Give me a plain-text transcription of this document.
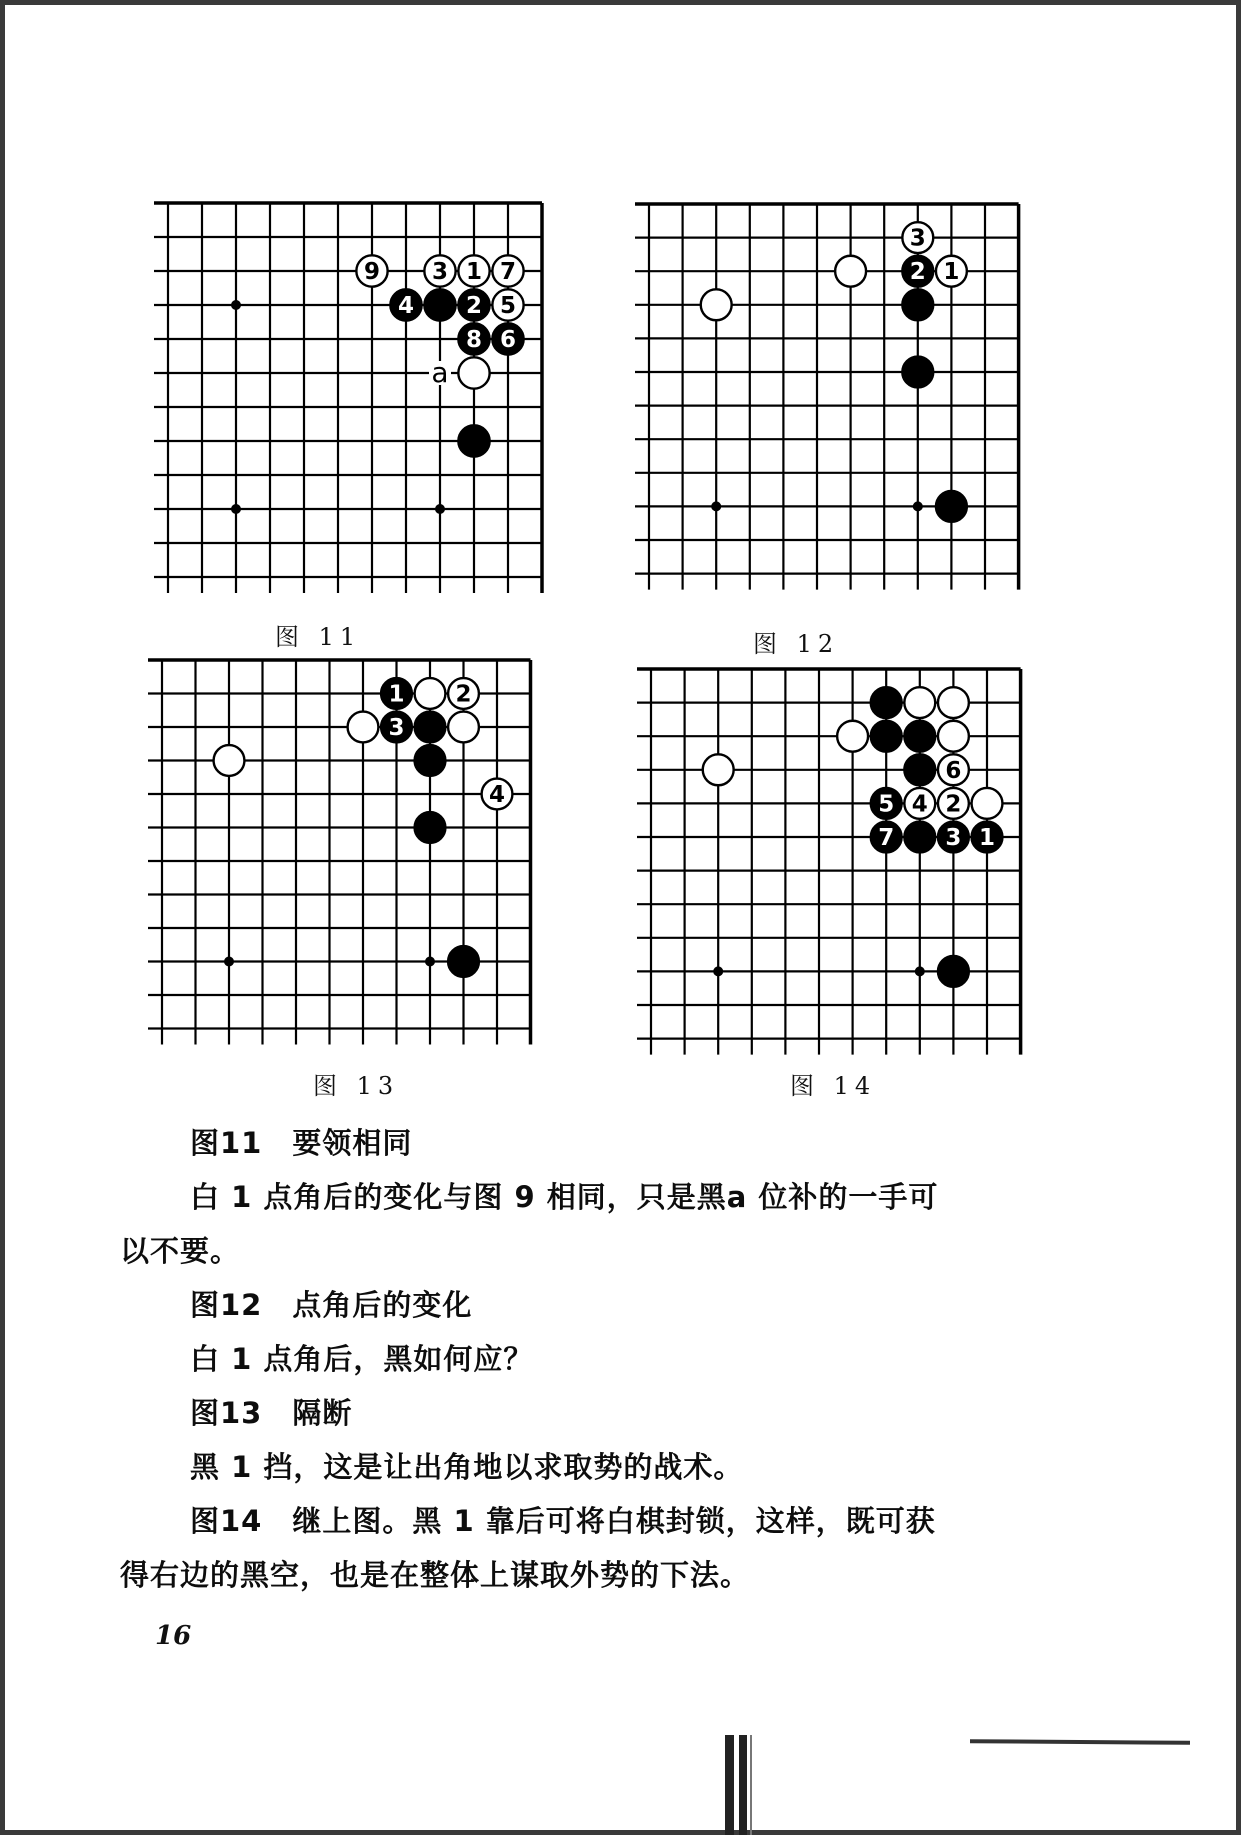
a
9 3 1 7
4 2 5
8 6
图 11
3
2 1
图 12
1 2
3
4
图 13
6
5 4 2
7 3 1
图 14
图11 要领相同
白 1 点角后的变化与图 9 相同，只是黑a 位补的一手可
以不要。
图12 点角后的变化
白 1 点角后，黑如何应？
图13 隔断
黑 1 挡，这是让出角地以求取势的战术。
图14 继上图。黑 1 靠后可将白棋封锁，这样，既可获
得右边的黑空，也是在整体上谋取外势的下法。
16
